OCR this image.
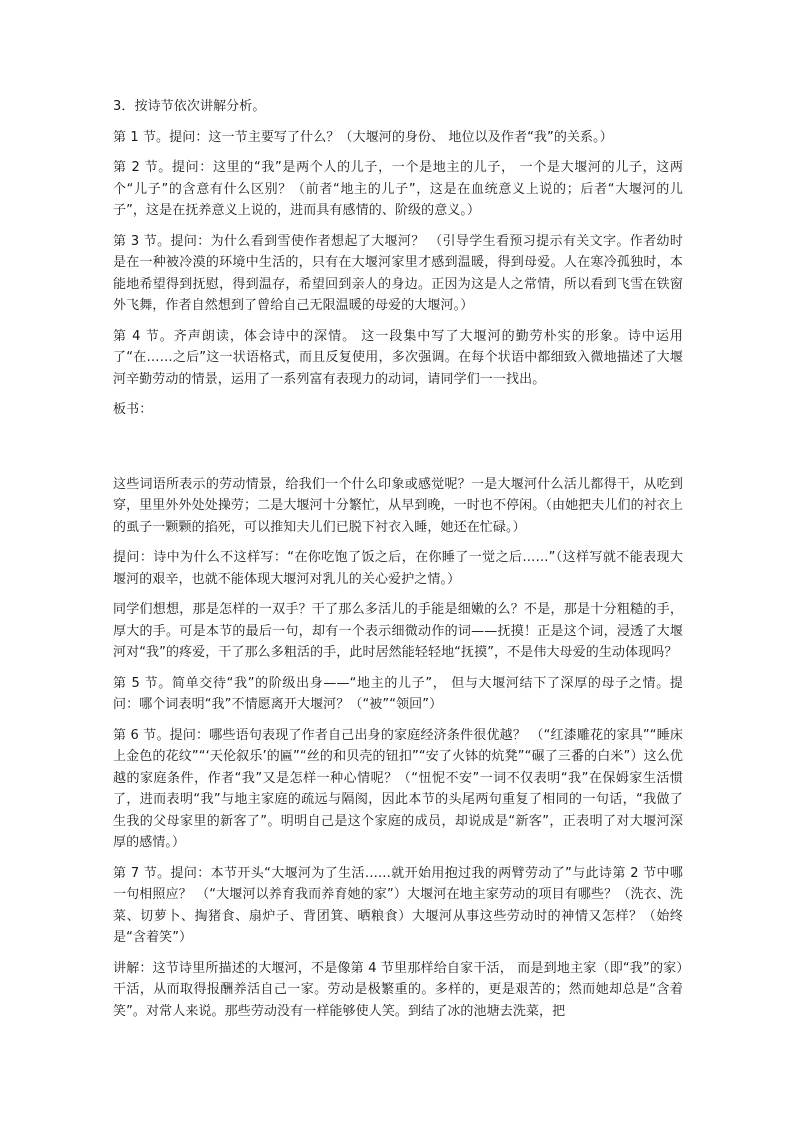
3．按诗节依次讲解分析。

第 1 节。提问：这一节主要写了什么？（大堰河的身份、 地位以及作者“我”的关系。）

第 2 节。提问：这里的“我”是两个人的儿子，一个是地主的儿子， 一个是大堰河的儿子，这两个“儿子”的含意有什么区别？（前者“地主的儿子”，这是在血统意义上说的；后者“大堰河的儿子”，这是在抚养意义上说的，进而具有感情的、阶级的意义。）

第 3 节。提问：为什么看到雪使作者想起了大堰河？ （引导学生看预习提示有关文字。作者幼时是在一种被冷漠的环境中生活的，只有在大堰河家里才感到温暖，得到母爱。人在寒冷孤独时，本能地希望得到抚慰，得到温存，希望回到亲人的身边。正因为这是人之常情，所以看到飞雪在铁窗外飞舞，作者自然想到了曾给自己无限温暖的母爱的大堰河。）

第 4 节。齐声朗读，体会诗中的深情。 这一段集中写了大堰河的勤劳朴实的形象。诗中运用了“在……之后”这一状语格式，而且反复使用，多次强调。在每个状语中都细致入微地描述了大堰河辛勤劳动的情景，运用了一系列富有表现力的动词，请同学们一一找出。

板书：

这些词语所表示的劳动情景，给我们一个什么印象或感觉呢？一是大堰河什么活儿都得干，从吃到穿，里里外外处处操劳；二是大堰河十分繁忙，从早到晚，一时也不停闲。（由她把夫儿们的衬衣上的虱子一颗颗的掐死，可以推知夫儿们已脱下衬衣入睡，她还在忙碌。）

提问：诗中为什么不这样写：“在你吃饱了饭之后，在你睡了一觉之后……”（这样写就不能表现大堰河的艰辛，也就不能体现大堰河对乳儿的关心爱护之情。）

同学们想想，那是怎样的一双手？干了那么多活儿的手能是细嫩的么？不是，那是十分粗糙的手，厚大的手。可是本节的最后一句，却有一个表示细微动作的词——抚摸！正是这个词，浸透了大堰河对“我”的疼爱，干了那么多粗活的手，此时居然能轻轻地“抚摸”，不是伟大母爱的生动体现吗？

第 5 节。简单交待“我”的阶级出身——“地主的儿子”， 但与大堰河结下了深厚的母子之情。提问：哪个词表明“我”不情愿离开大堰河？（“被”“领回”）

第 6 节。提问：哪些语句表现了作者自己出身的家庭经济条件很优越？ （“红漆雕花的家具”“睡床上金色的花纹”“‘天伦叙乐’的匾”“丝的和贝壳的钮扣”“安了火钵的炕凳”“碾了三番的白米”）这么优越的家庭条件，作者“我”又是怎样一种心情呢？（“忸怩不安”一词不仅表明“我”在保姆家生活惯了，进而表明“我”与地主家庭的疏远与隔阂，因此本节的头尾两句重复了相同的一句话，“我做了生我的父母家里的新客了”。明明自己是这个家庭的成员，却说成是“新客”，正表明了对大堰河深厚的感情。）

第 7 节。提问：本节开头“大堰河为了生活……就开始用抱过我的两臂劳动了”与此诗第 2 节中哪一句相照应？ （“大堰河以养育我而养育她的家”）大堰河在地主家劳动的项目有哪些？（洗衣、洗菜、切萝卜、掏猪食、扇炉子、背团箕、晒粮食）大堰河从事这些劳动时的神情又怎样？（始终是“含着笑”）

讲解：这节诗里所描述的大堰河，不是像第 4 节里那样给自家干活， 而是到地主家（即“我”的家）干活，从而取得报酬养活自己一家。劳动是极繁重的。多样的，更是艰苦的；然而她却总是“含着笑”。对常人来说。那些劳动没有一样能够使人笑。到结了冰的池塘去洗菜，把
